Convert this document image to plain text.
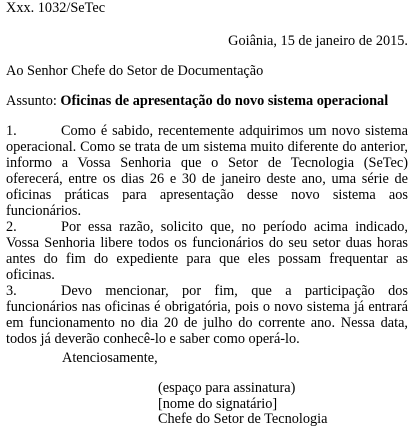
Xxx. 1032/SeTec
Goiânia, 15 de janeiro de 2015.
Ao Senhor Chefe do Setor de Documentação
Assunto: Oficinas de apresentação do novo sistema operacional

1.	Como é sabido, recentemente adquirimos um novo sistema operacional. Como se trata de um sistema muito diferente do anterior, informo a Vossa Senhoria que o Setor de Tecnologia (SeTec) oferecerá, entre os dias 26 e 30 de janeiro deste ano, uma série de oficinas práticas para apresentação desse novo sistema aos funcionários.

2.	Por essa razão, solicito que, no período acima indicado, Vossa Senhoria libere todos os funcionários do seu setor duas horas antes do fim do expediente para que eles possam frequentar as oficinas.

3.	Devo mencionar, por fim, que a participação dos funcionários nas oficinas é obrigatória, pois o novo sistema já entrará em funcionamento no dia 20 de julho do corrente ano. Nessa data, todos já deverão conhecê-lo e saber como operá-lo.

Atenciosamente,
(espaço para assinatura)
[nome do signatário]
Chefe do Setor de Tecnologia
